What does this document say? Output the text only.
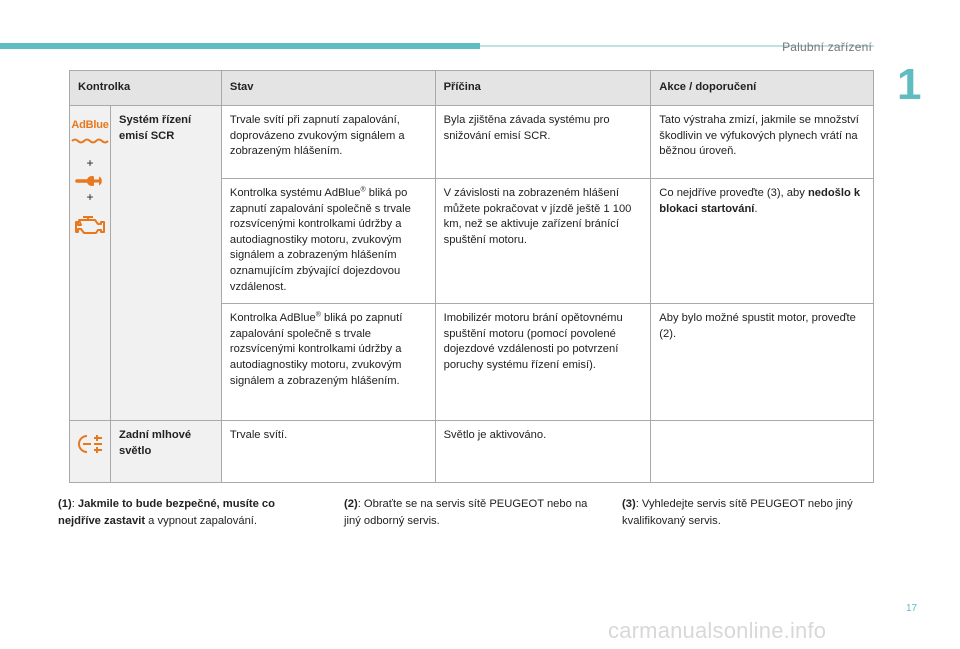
Palubní zařízení
1
Kontrolka		Stav	Příčina	Akce / doporučení

AdBlue
+
+	Systém řízení emisí SCR	Trvale svítí při zapnutí zapalování, doprovázeno zvukovým signálem a zobrazeným hlášením.	Byla zjištěna závada systému pro snižování emisí SCR.	Tato výstraha zmizí, jakmile se množství škodlivin ve výfukových plynech vrátí na běžnou úroveň.
		Kontrolka systému AdBlue® bliká po zapnutí zapalování společně s trvale rozsvícenými kontrolkami údržby a autodiagnostiky motoru, zvukovým signálem a zobrazeným hlášením oznamujícím zbývající dojezdovou vzdálenost.	V závislosti na zobrazeném hlášení můžete pokračovat v jízdě ještě 1 100 km, než se aktivuje zařízení bránící spuštění motoru.	Co nejdříve proveďte (3), aby nedošlo k blokaci startování.
		Kontrolka AdBlue® bliká po zapnutí zapalování společně s trvale rozsvícenými kontrolkami údržby a autodiagnostiky motoru, zvukovým signálem a zobrazeným hlášením.	Imobilizér motoru brání opětovnému spuštění motoru (pomocí povolené dojezdové vzdálenosti po potvrzení poruchy systému řízení emisí).	Aby bylo možné spustit motor, proveďte (2).

	Zadní mlhové světlo	Trvale svítí.	Světlo je aktivováno.	
(1): Jakmile to bude bezpečné, musíte co nejdříve zastavit a vypnout zapalování.
(2): Obraťte se na servis sítě PEUGEOT nebo na jiný odborný servis.
(3): Vyhledejte servis sítě PEUGEOT nebo jiný kvalifikovaný servis.
17
carmanualsonline.info
